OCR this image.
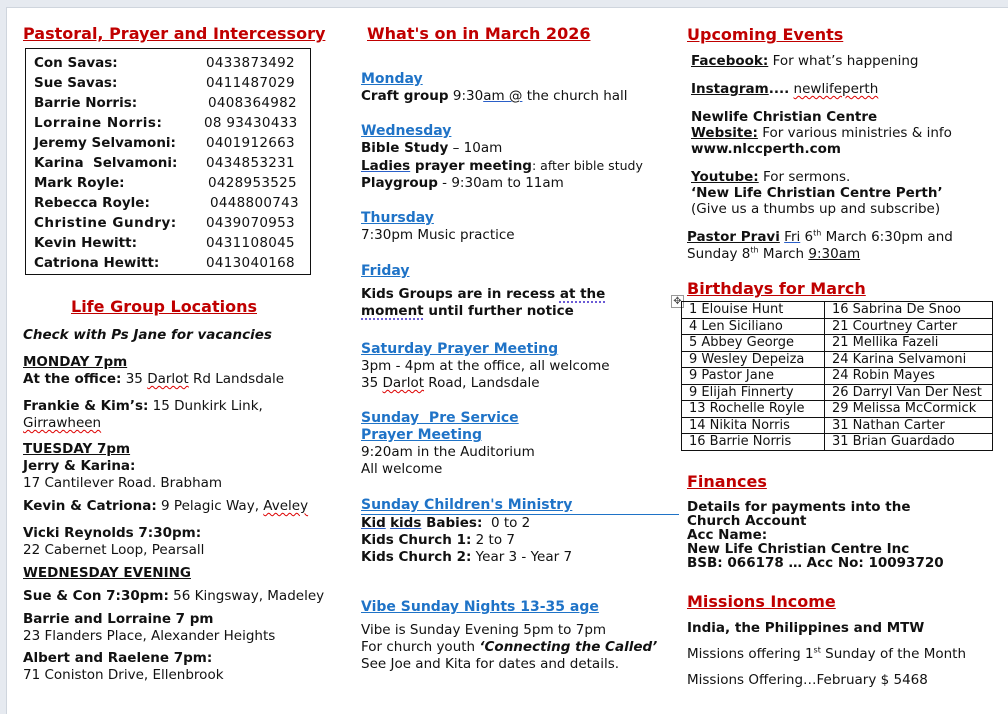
Pastoral, Prayer and Intercessory
Con Savas:	0433873492
Sue Savas:	0411487029
Barrie Norris:	0408364982
Lorraine Norris:	08 93430433
Jeremy Selvamoni:	0401912663
Karina  Selvamoni:	0434853231
Mark Royle:	0428953525
Rebecca Royle:	0448800743
Christine Gundry:	0439070953
Kevin Hewitt:	0431108045
Catriona Hewitt:	0413040168
Life Group Locations
Check with Ps Jane for vacancies
MONDAY 7pm
At the office: 35 Darlot Rd Landsdale
Frankie & Kim’s: 15 Dunkirk Link,
Girrawheen
TUESDAY 7pm
Jerry & Karina:
17 Cantilever Road. Brabham
Kevin & Catriona: 9 Pelagic Way, Aveley
Vicki Reynolds 7:30pm:
22 Cabernet Loop, Pearsall
WEDNESDAY EVENING
Sue & Con 7:30pm: 56 Kingsway, Madeley
Barrie and Lorraine 7 pm
23 Flanders Place, Alexander Heights
Albert and Raelene 7pm:
71 Coniston Drive, Ellenbrook
What's on in March 2026
Monday
Craft group 9:30am @ the church hall
Wednesday
Bible Study – 10am
Ladies prayer meeting: after bible study
Playgroup - 9:30am to 11am
Thursday
7:30pm Music practice
Friday
Kids Groups are in recess at the
moment until further notice
Saturday Prayer Meeting
3pm - 4pm at the office, all welcome
35 Darlot Road, Landsdale
Sunday  Pre Service
Prayer Meeting
9:20am in the Auditorium
All welcome
Sunday Children's Ministry
Kid kids Babies:  0 to 2
Kids Church 1: 2 to 7
Kids Church 2: Year 3 - Year 7
Vibe Sunday Nights 13-35 age
Vibe is Sunday Evening 5pm to 7pm
For church youth ‘Connecting the Called’
See Joe and Kita for dates and details.
Upcoming Events
Facebook: For what’s happening
Instagram.... newlifeperth
Newlife Christian Centre
Website: For various ministries & info
www.nlccperth.com
Youtube: For sermons.
‘New Life Christian Centre Perth’
(Give us a thumbs up and subscribe)
Pastor Pravi Fri 6th March 6:30pm and
Sunday 8th March 9:30am
Birthdays for March
✥
1 Elouise Hunt	16 Sabrina De Snoo
4 Len Siciliano	21 Courtney Carter
5 Abbey George	21 Mellika Fazeli
9 Wesley Depeiza	24 Karina Selvamoni
9 Pastor Jane	24 Robin Mayes
9 Elijah Finnerty	26 Darryl Van Der Nest
13 Rochelle Royle	29 Melissa McCormick
14 Nikita Norris	31 Nathan Carter
16 Barrie Norris	31 Brian Guardado
Finances
Details for payments into the
Church Account
Acc Name:
New Life Christian Centre Inc
BSB: 066178 … Acc No: 10093720
Missions Income
India, the Philippines and MTW
Missions offering 1st Sunday of the Month
Missions Offering…February $ 5468
